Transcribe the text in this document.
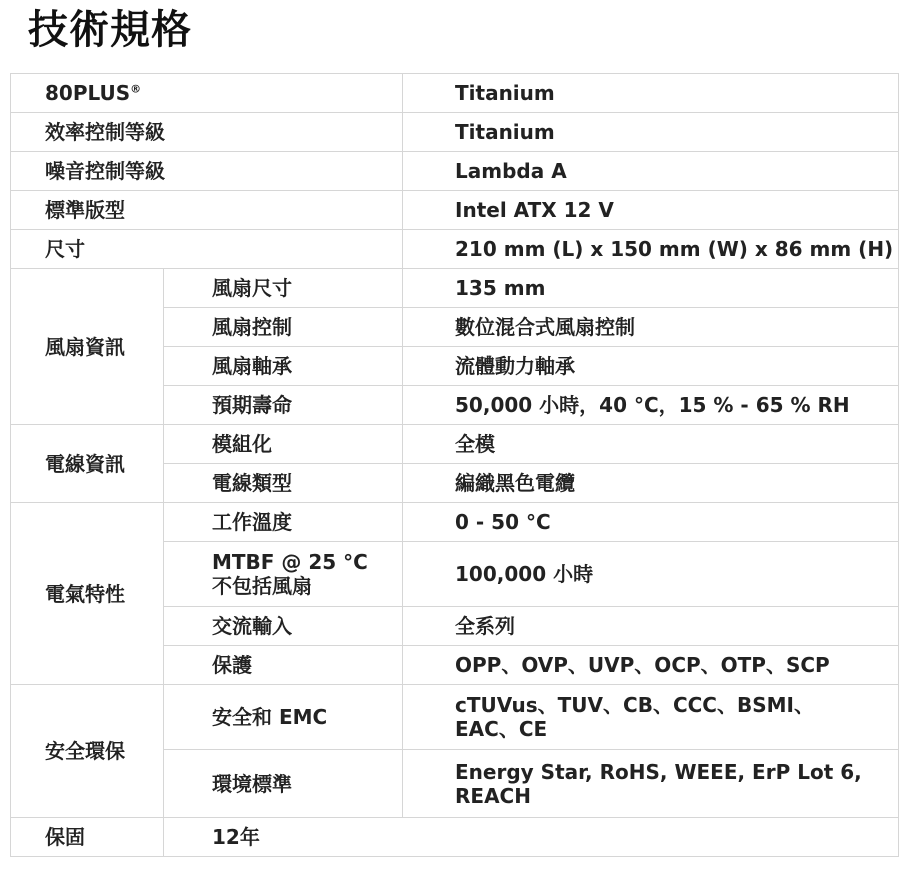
技術規格
80PLUS®		Titanium
效率控制等級		Titanium
噪音控制等級		Lambda A
標準版型		Intel ATX 12 V
尺寸		210 mm (L) x 150 mm (W) x 86 mm (H)
風扇資訊	風扇尺寸	135 mm
	風扇控制	數位混合式風扇控制
	風扇軸承	流體動力軸承
	預期壽命	50,000 小時，40 °C，15 % - 65 % RH
電線資訊	模組化	全模
	電線類型	編織黑色電纜
電氣特性	工作溫度	0 - 50 °C

	MTBF @ 25 °C
不包括風扇	100,000 小時
	交流輸入	全系列
	保護	OPP、OVP、UVP、OCP、OTP、SCP
安全環保	安全和 EMC	cTUVus、TUV、CB、CCC、BSMI、
EAC、CE

	環境標準	Energy Star, RoHS, WEEE, ErP Lot 6,
REACH

保固	12年	
